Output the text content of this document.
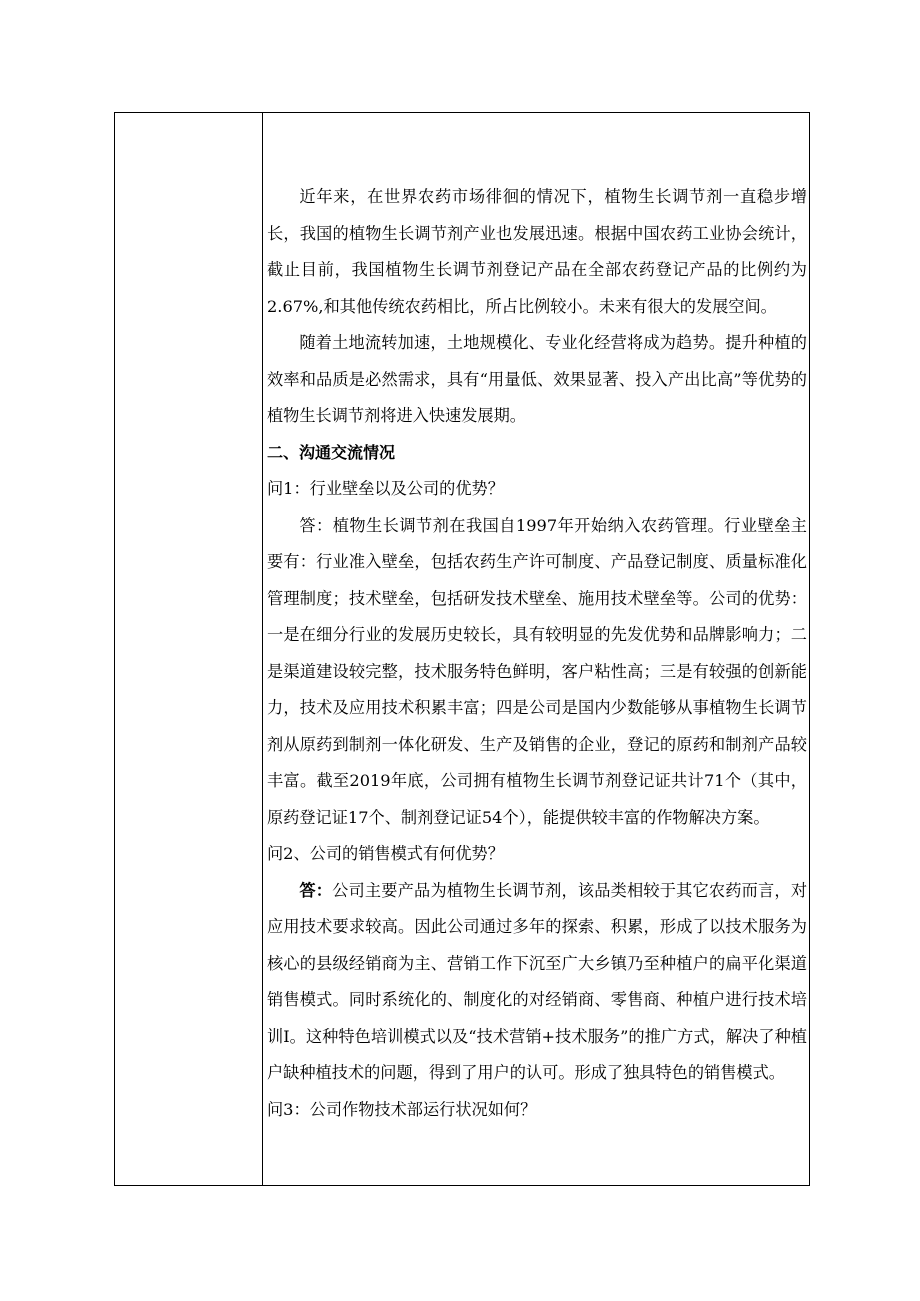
近年来，在世界农药市场徘徊的情况下，植物生长调节剂一直稳步增长，我国的植物生长调节剂产业也发展迅速。根据中国农药工业协会统计，截止目前，我国植物生长调节剂登记产品在全部农药登记产品的比例约为2.67%,和其他传统农药相比，所占比例较小。未来有很大的发展空间。

随着土地流转加速，土地规模化、专业化经营将成为趋势。提升种植的效率和品质是必然需求，具有“用量低、效果显著、投入产出比高”等优势的植物生长调节剂将进入快速发展期。

二、沟通交流情况

问1：行业壁垒以及公司的优势？

答：植物生长调节剂在我国自1997年开始纳入农药管理。行业壁垒主要有：行业准入壁垒，包括农药生产许可制度、产品登记制度、质量标准化管理制度；技术壁垒，包括研发技术壁垒、施用技术壁垒等。公司的优势：一是在细分行业的发展历史较长，具有较明显的先发优势和品牌影响力；二是渠道建设较完整，技术服务特色鲜明，客户粘性高；三是有较强的创新能力，技术及应用技术积累丰富；四是公司是国内少数能够从事植物生长调节剂从原药到制剂一体化研发、生产及销售的企业，登记的原药和制剂产品较丰富。截至2019年底，公司拥有植物生长调节剂登记证共计71个（其中，原药登记证17个、制剂登记证54个），能提供较丰富的作物解决方案。

问2、公司的销售模式有何优势？

答：公司主要产品为植物生长调节剂，该品类相较于其它农药而言，对应用技术要求较高。因此公司通过多年的探索、积累，形成了以技术服务为核心的县级经销商为主、营销工作下沉至广大乡镇乃至种植户的扁平化渠道销售模式。同时系统化的、制度化的对经销商、零售商、种植户进行技术培训I。这种特色培训模式以及“技术营销+技术服务”的推广方式，解决了种植户缺种植技术的问题，得到了用户的认可。形成了独具特色的销售模式。

问3：公司作物技术部运行状况如何？
